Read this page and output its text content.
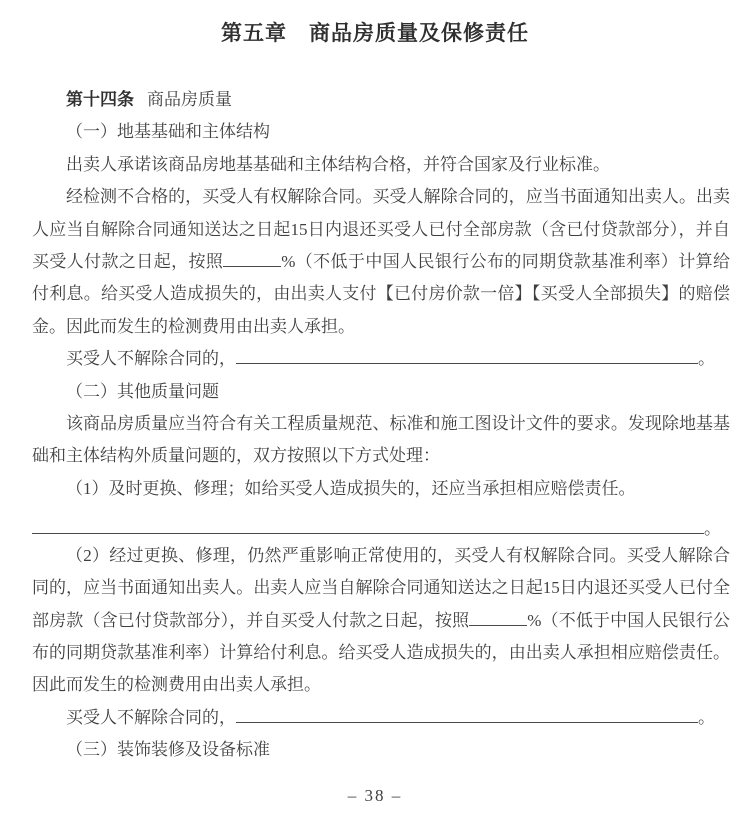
第五章　商品房质量及保修责任

第十四条 商品房质量

（一）地基基础和主体结构

出卖人承诺该商品房地基基础和主体结构合格，并符合国家及行业标准。

经检测不合格的，买受人有权解除合同。买受人解除合同的，应当书面通知出卖人。出卖人应当自解除合同通知送达之日起15日内退还买受人已付全部房款（含已付贷款部分），并自买受人付款之日起，按照	%（不低于中国人民银行公布的同期贷款基准利率）计算给付利息。给买受人造成损失的，由出卖人支付【已付房价款一倍】【买受人全部损失】的赔偿金。因此而发生的检测费用由出卖人承担。

买受人不解除合同的，	。

（二）其他质量问题

该商品房质量应当符合有关工程质量规范、标准和施工图设计文件的要求。发现除地基基础和主体结构外质量问题的，双方按照以下方式处理：

（1）及时更换、修理；如给买受人造成损失的，还应当承担相应赔偿责任。

。

（2）经过更换、修理，仍然严重影响正常使用的，买受人有权解除合同。买受人解除合同的，应当书面通知出卖人。出卖人应当自解除合同通知送达之日起15日内退还买受人已付全部房款（含已付贷款部分），并自买受人付款之日起，按照	%（不低于中国人民银行公布的同期贷款基准利率）计算给付利息。给买受人造成损失的，由出卖人承担相应赔偿责任。因此而发生的检测费用由出卖人承担。

买受人不解除合同的，	。

（三）装饰装修及设备标准

– 38 –
